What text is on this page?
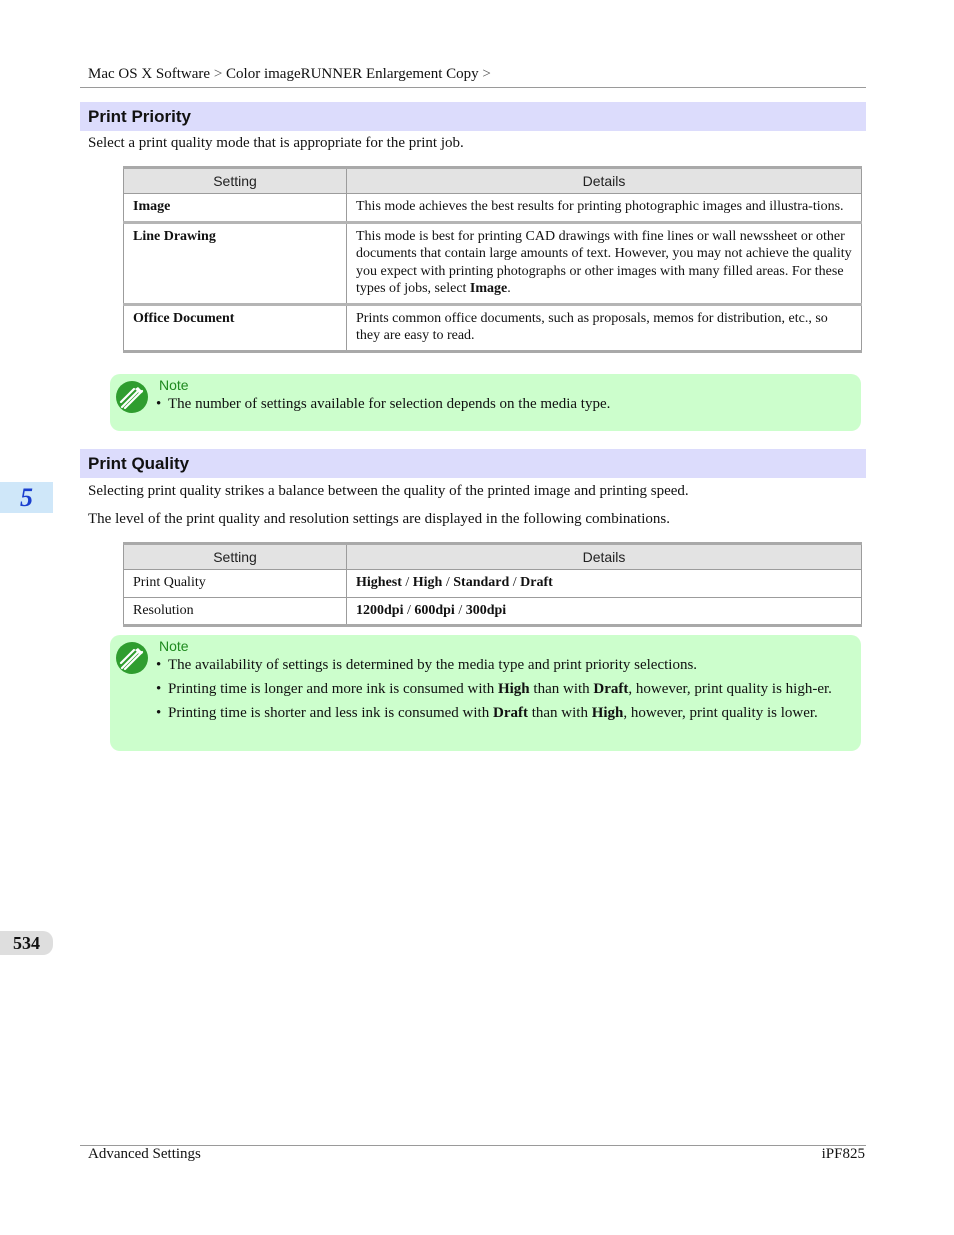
Mac OS X Software > Color imageRUNNER Enlargement Copy >
Print Priority
Select a print quality mode that is appropriate for the print job.
Setting	Details
Image	This mode achieves the best results for printing photographic images and illustra-tions.
Line Drawing	This mode is best for printing CAD drawings with fine lines or wall newssheet or other documents that contain large amounts of text. However, you may not achieve the quality you expect with printing photographs or other images with many filled areas. For these types of jobs, select Image.
Office Document	Prints common office documents, such as proposals, memos for distribution, etc., so they are easy to read.
Note
• The number of settings available for selection depends on the media type.
Print Quality
Selecting print quality strikes a balance between the quality of the printed image and printing speed.
The level of the print quality and resolution settings are displayed in the following combinations.
Setting	Details
Print Quality	Highest / High / Standard / Draft
Resolution	1200dpi / 600dpi / 300dpi
Note
• The availability of settings is determined by the media type and print priority selections.
• Printing time is longer and more ink is consumed with High than with Draft, however, print quality is high-er.
• Printing time is shorter and less ink is consumed with Draft than with High, however, print quality is lower.
5
534
Advanced Settings	iPF825
